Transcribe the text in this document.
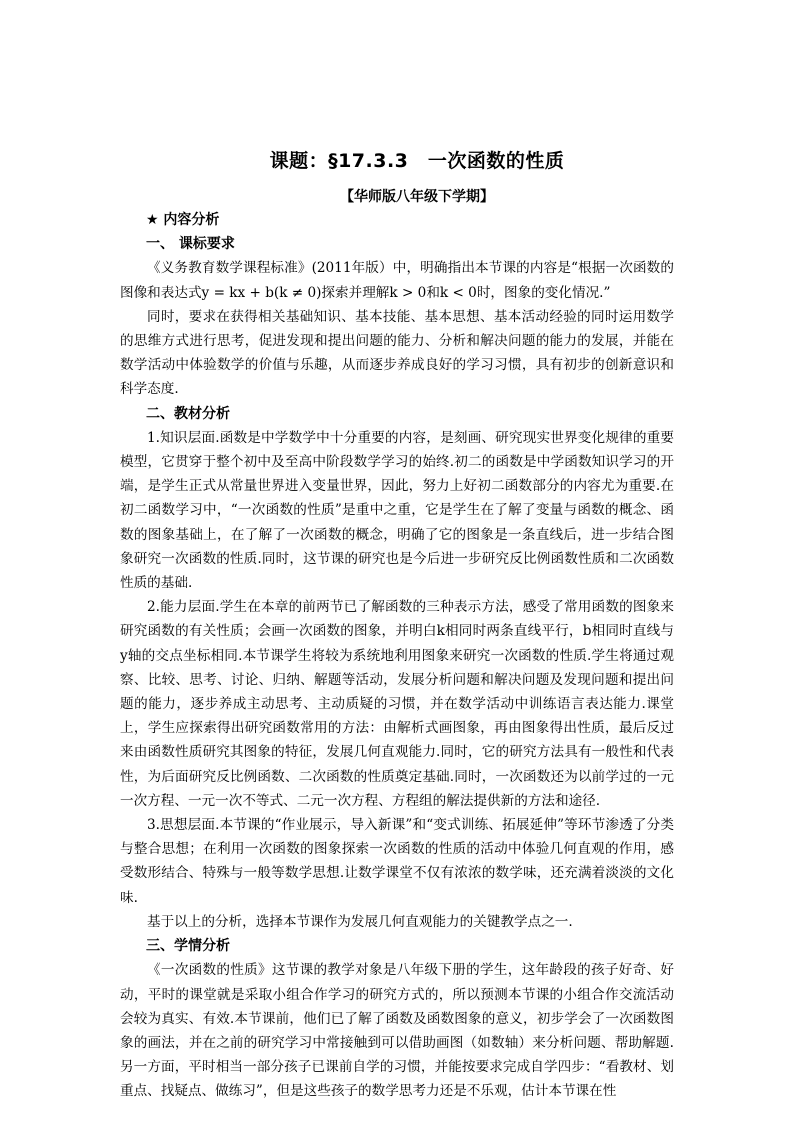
课题：§17.3.3　一次函数的性质
【华师版八年级下学期】

★ 内容分析

一、 课标要求

《义务教育数学课程标准》(2011年版）中，明确指出本节课的内容是“根据一次函数的图像和表达式y = kx + b(k ≠ 0)探索并理解k > 0和k < 0时，图象的变化情况.”

同时，要求在获得相关基础知识、基本技能、基本思想、基本活动经验的同时运用数学的思维方式进行思考，促进发现和提出问题的能力、分析和解决问题的能力的发展，并能在数学活动中体验数学的价值与乐趣，从而逐步养成良好的学习习惯，具有初步的创新意识和科学态度.

二、教材分析

1.知识层面.函数是中学数学中十分重要的内容，是刻画、研究现实世界变化规律的重要模型，它贯穿于整个初中及至高中阶段数学学习的始终.初二的函数是中学函数知识学习的开端，是学生正式从常量世界进入变量世界，因此，努力上好初二函数部分的内容尤为重要.在初二函数学习中，“一次函数的性质”是重中之重，它是学生在了解了变量与函数的概念、函数的图象基础上，在了解了一次函数的概念，明确了它的图象是一条直线后，进一步结合图象研究一次函数的性质.同时，这节课的研究也是今后进一步研究反比例函数性质和二次函数性质的基础.

2.能力层面.学生在本章的前两节已了解函数的三种表示方法，感受了常用函数的图象来研究函数的有关性质；会画一次函数的图象，并明白k相同时两条直线平行，b相同时直线与y轴的交点坐标相同.本节课学生将较为系统地利用图象来研究一次函数的性质.学生将通过观察、比较、思考、讨论、归纳、解题等活动，发展分析问题和解决问题及发现问题和提出问题的能力，逐步养成主动思考、主动质疑的习惯，并在数学活动中训练语言表达能力.课堂上，学生应探索得出研究函数常用的方法：由解析式画图象，再由图象得出性质，最后反过来由函数性质研究其图象的特征，发展几何直观能力.同时，它的研究方法具有一般性和代表性，为后面研究反比例函数、二次函数的性质奠定基础.同时，一次函数还为以前学过的一元一次方程、一元一次不等式、二元一次方程、方程组的解法提供新的方法和途径.

3.思想层面.本节课的“作业展示，导入新课”和“变式训练、拓展延伸”等环节渗透了分类与整合思想；在利用一次函数的图象探索一次函数的性质的活动中体验几何直观的作用，感受数形结合、特殊与一般等数学思想.让数学课堂不仅有浓浓的数学味，还充满着淡淡的文化味.

基于以上的分析，选择本节课作为发展几何直观能力的关键教学点之一.

三、学情分析

《一次函数的性质》这节课的教学对象是八年级下册的学生，这年龄段的孩子好奇、好动，平时的课堂就是采取小组合作学习的研究方式的，所以预测本节课的小组合作交流活动会较为真实、有效.本节课前，他们已了解了函数及函数图象的意义，初步学会了一次函数图象的画法，并在之前的研究学习中常接触到可以借助画图（如数轴）来分析问题、帮助解题.另一方面，平时相当一部分孩子已课前自学的习惯，并能按要求完成自学四步：“看教材、划重点、找疑点、做练习”，但是这些孩子的数学思考力还是不乐观，估计本节课在性
